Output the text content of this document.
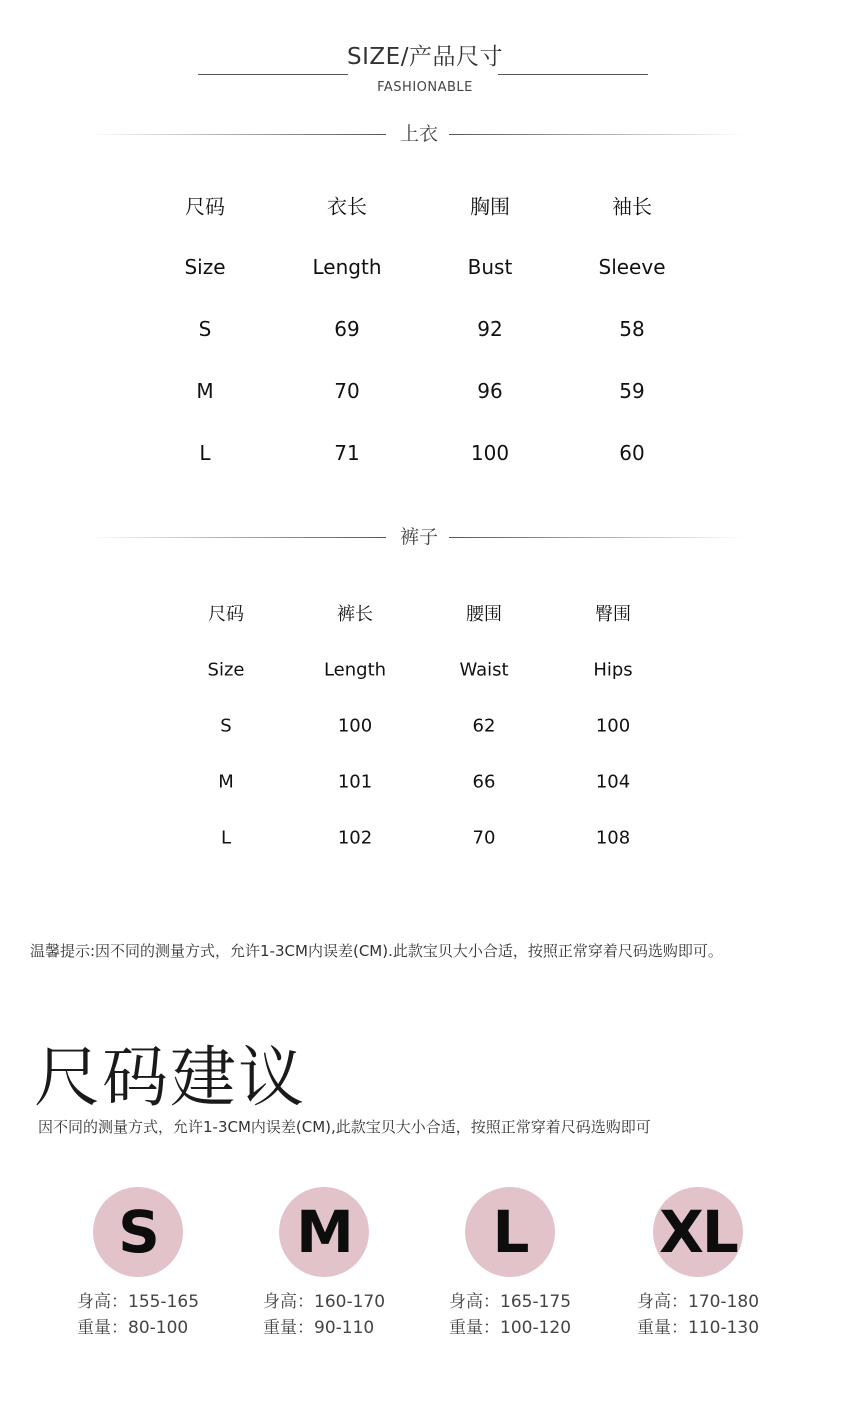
SIZE/产品尺寸
FASHIONABLE
上衣
尺码	衣长	胸围	袖长
Size	Length	Bust	Sleeve
S	69	92	58
M	70	96	59
L	71	100	60
裤子
尺码	裤长	腰围	臀围
Size	Length	Waist	Hips
S	100	62	100
M	101	66	104
L	102	70	108
温馨提示:因不同的测量方式，允许1-3CM内误差(CM).此款宝贝大小合适，按照正常穿着尺码选购即可。
尺码建议
因不同的测量方式，允许1-3CM内误差(CM),此款宝贝大小合适，按照正常穿着尺码选购即可
S	M	L	XL
身高：155-165
重量：80-100
身高：160-170
重量：90-110
身高：165-175
重量：100-120
身高：170-180
重量：110-130
